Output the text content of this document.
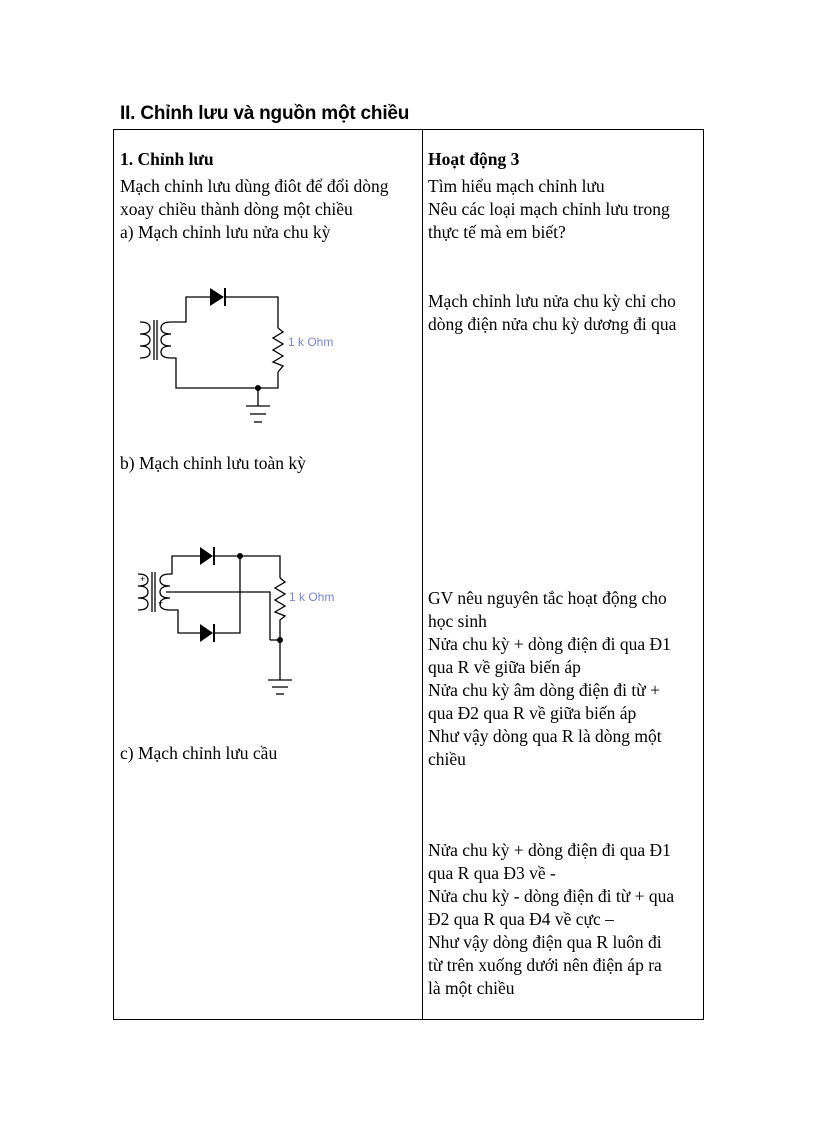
II. Chỉnh lưu và nguồn một chiều
1. Chỉnh lưu
Mạch chỉnh lưu dùng điôt để đổi dòng
xoay chiều thành dòng một chiều
a) Mạch chỉnh lưu nửa chu kỳ
b) Mạch chỉnh lưu toàn kỳ
c) Mạch chỉnh lưu cầu
1 k Ohm
+
+	1 k Ohm
Hoạt động 3
Tìm hiểu mạch chỉnh lưu
Nêu các loại mạch chỉnh lưu trong
thực tế mà em biết?
Mạch chỉnh lưu nửa chu kỳ chỉ cho
dòng điện nửa chu kỳ dương đi qua
GV nêu nguyên tắc hoạt động cho
học sinh
Nửa chu kỳ + dòng điện đi qua Đ1
qua R về giữa biến áp
Nửa chu kỳ âm dòng điện đi từ +
qua Đ2 qua R về giữa biến áp
Như vậy dòng qua R là dòng một
chiều
Nửa chu kỳ + dòng điện đi qua Đ1
qua R qua Đ3 về -
Nửa chu kỳ - dòng điện đi từ + qua
Đ2 qua R qua Đ4 về cực –
Như vậy dòng điện qua R luôn đi
từ trên xuống dưới nên điện áp ra
là một chiều
